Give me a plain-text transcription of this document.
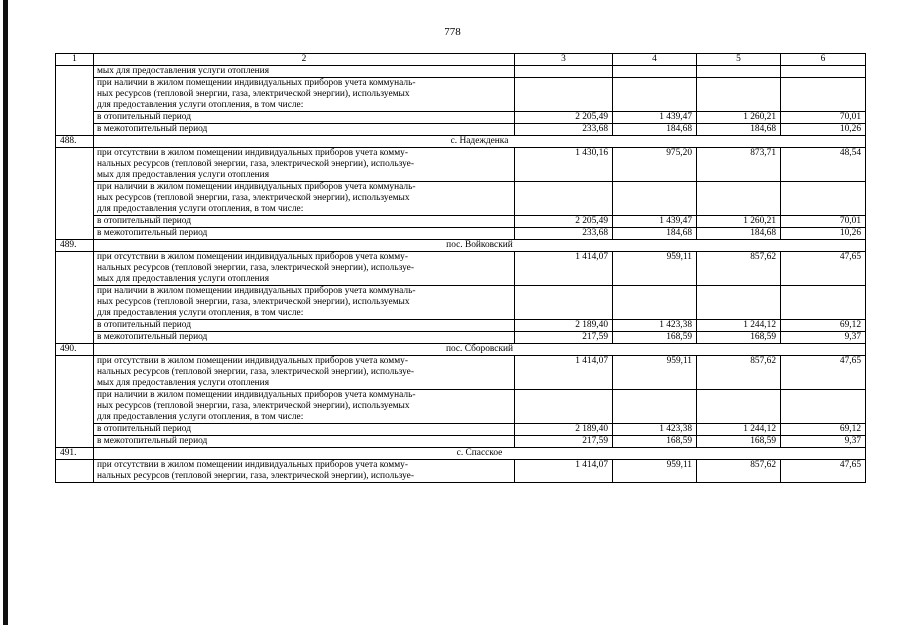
778
1	2	3	4	5	6

	мых для предоставления услуги отопления				

	при наличии в жилом помещении индивидуальных приборов учета коммуналь-
ных ресурсов (тепловой энергии, газа, электрической энергии), используемых
для предоставления услуги отопления, в том числе:				

	в отопительный период	2 205,49	1 439,47	1 260,21	70,01

	в межотопительный период	233,68	184,68	184,68	10,26
488.	с. Надежденка				

	при отсутствии в жилом помещении индивидуальных приборов учета комму-
нальных ресурсов (тепловой энергии, газа, электрической энергии), используе-
мых для предоставления услуги отопления	1 430,16	975,20	873,71	48,54

	при наличии в жилом помещении индивидуальных приборов учета коммуналь-
ных ресурсов (тепловой энергии, газа, электрической энергии), используемых
для предоставления услуги отопления, в том числе:				

	в отопительный период	2 205,49	1 439,47	1 260,21	70,01

	в межотопительный период	233,68	184,68	184,68	10,26
489.	пос. Войковский				

	при отсутствии в жилом помещении индивидуальных приборов учета комму-
нальных ресурсов (тепловой энергии, газа, электрической энергии), используе-
мых для предоставления услуги отопления	1 414,07	959,11	857,62	47,65

	при наличии в жилом помещении индивидуальных приборов учета коммуналь-
ных ресурсов (тепловой энергии, газа, электрической энергии), используемых
для предоставления услуги отопления, в том числе:				

	в отопительный период	2 189,40	1 423,38	1 244,12	69,12

	в межотопительный период	217,59	168,59	168,59	9,37
490.	пос. Сборовский				

	при отсутствии в жилом помещении индивидуальных приборов учета комму-
нальных ресурсов (тепловой энергии, газа, электрической энергии), используе-
мых для предоставления услуги отопления	1 414,07	959,11	857,62	47,65

	при наличии в жилом помещении индивидуальных приборов учета коммуналь-
ных ресурсов (тепловой энергии, газа, электрической энергии), используемых
для предоставления услуги отопления, в том числе:				

	в отопительный период	2 189,40	1 423,38	1 244,12	69,12

	в межотопительный период	217,59	168,59	168,59	9,37
491.	с. Спасское				

	при отсутствии в жилом помещении индивидуальных приборов учета комму-
нальных ресурсов (тепловой энергии, газа, электрической энергии), используе-	1 414,07	959,11	857,62	47,65
